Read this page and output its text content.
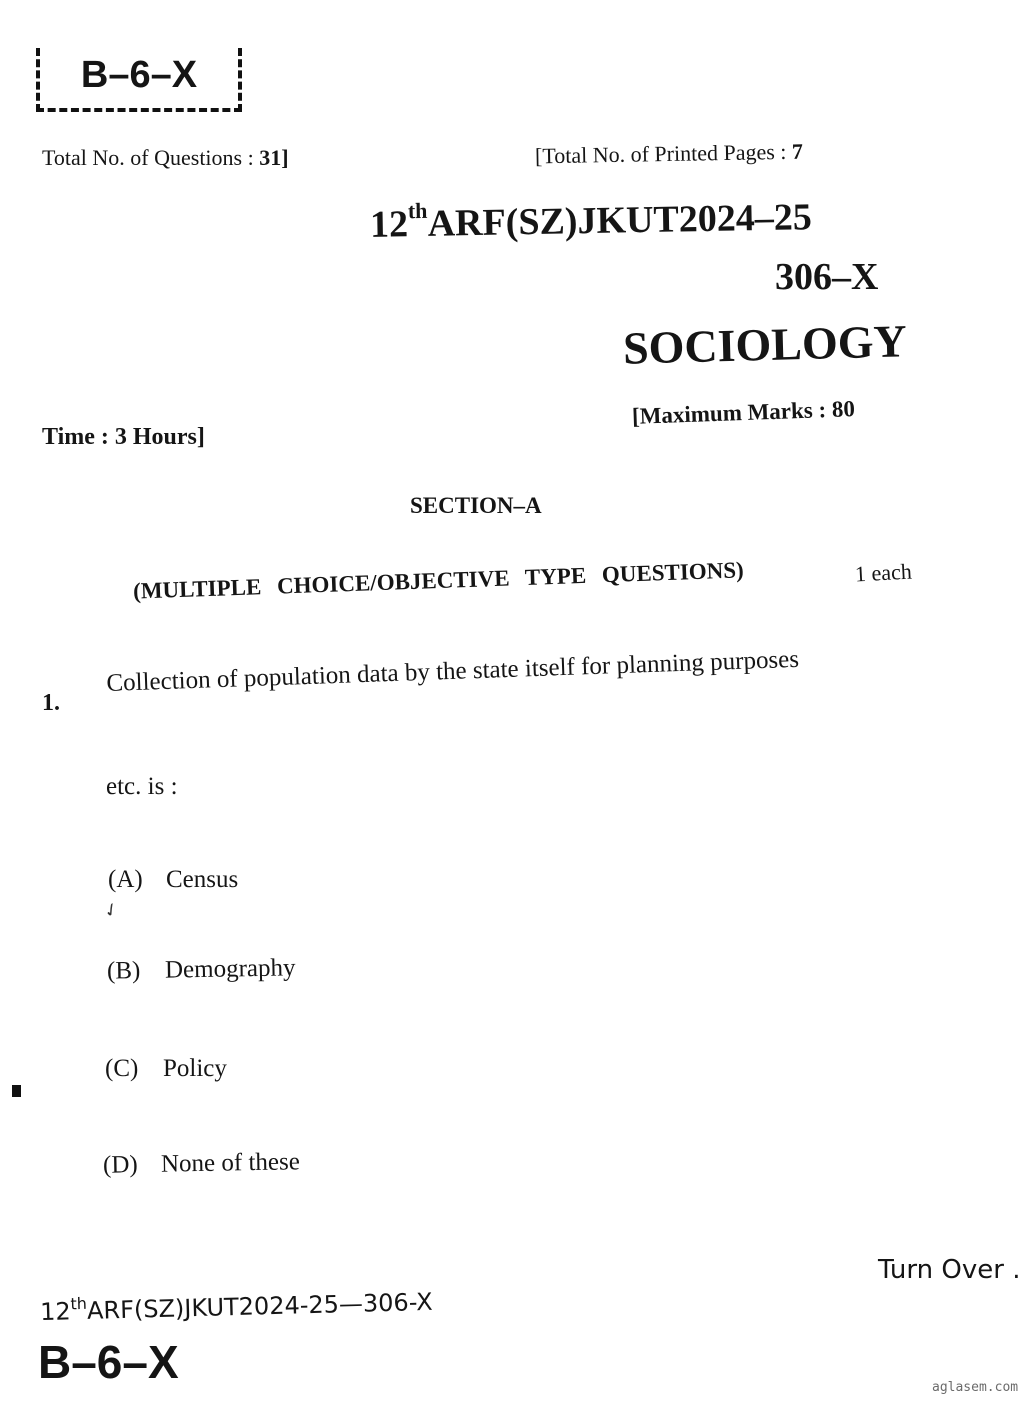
B–6–X
Total No. of Questions : 31]	[Total No. of Printed Pages : 7
12thARF(SZ)JKUT2024–25
306–X
SOCIOLOGY
Time : 3 Hours]
[Maximum Marks : 80
SECTION–A
(MULTIPLE CHOICE/OBJECTIVE TYPE QUESTIONS)	1 each
1.
Collection of population data by the state itself for planning purposes
etc. is :
(A) Census
✓
(B) Demography
(C) Policy
(D) None of these
Turn Over .
12thARF(SZ)JKUT2024-25—306-X
B–6–X	aglasem.com
